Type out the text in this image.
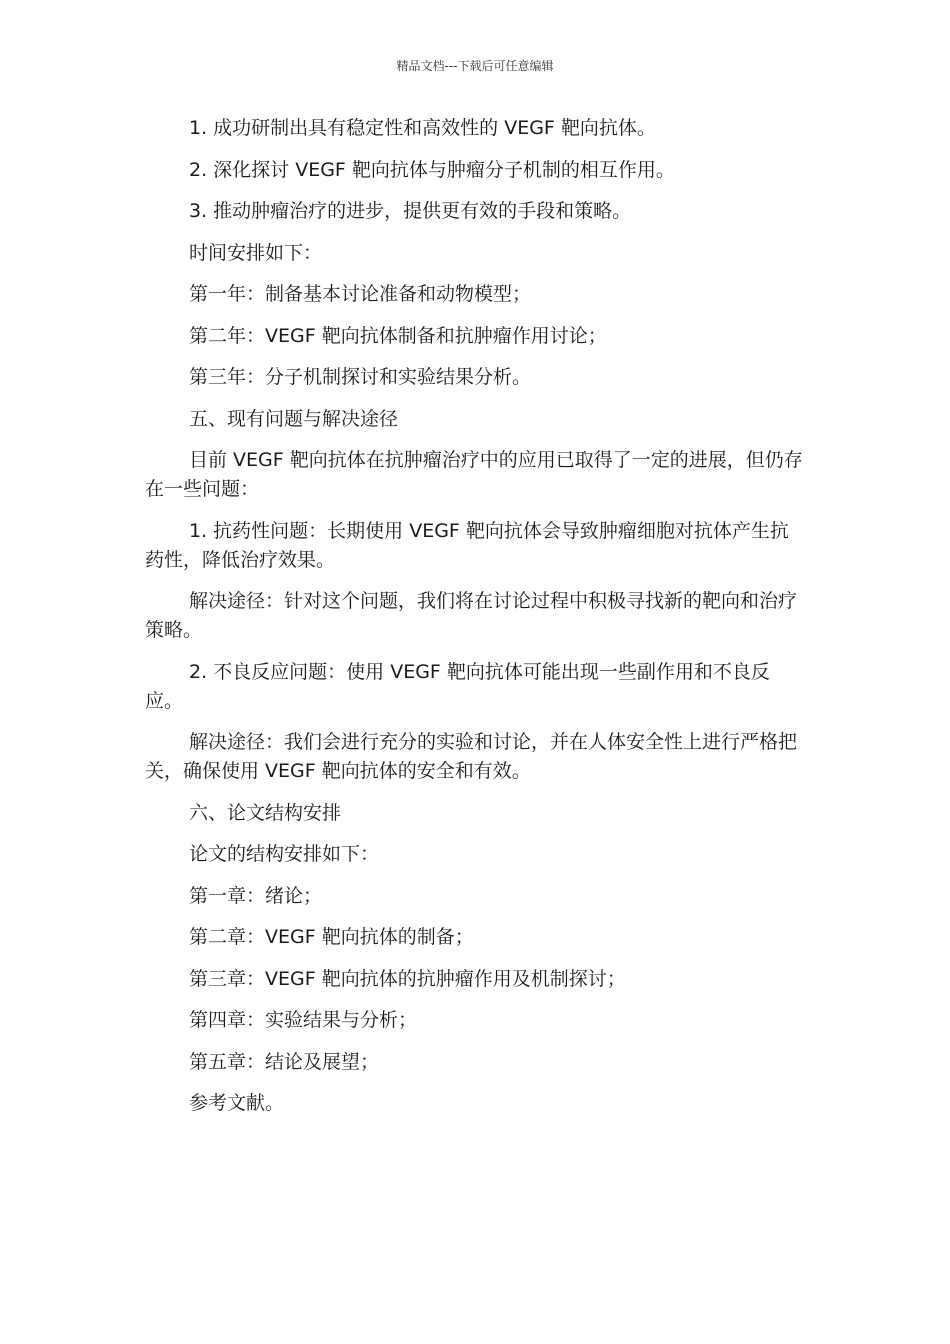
精品文档---下载后可任意编辑

1. 成功研制出具有稳定性和高效性的 VEGF 靶向抗体。

2. 深化探讨 VEGF 靶向抗体与肿瘤分子机制的相互作用。

3. 推动肿瘤治疗的进步，提供更有效的手段和策略。

时间安排如下：

第一年：制备基本讨论准备和动物模型；

第二年：VEGF 靶向抗体制备和抗肿瘤作用讨论；

第三年：分子机制探讨和实验结果分析。

五、现有问题与解决途径

目前 VEGF 靶向抗体在抗肿瘤治疗中的应用已取得了一定的进展，但仍存在一些问题：

1. 抗药性问题：长期使用 VEGF 靶向抗体会导致肿瘤细胞对抗体产生抗药性，降低治疗效果。

解决途径：针对这个问题，我们将在讨论过程中积极寻找新的靶向和治疗策略。

2. 不良反应问题：使用 VEGF 靶向抗体可能出现一些副作用和不良反应。

解决途径：我们会进行充分的实验和讨论，并在人体安全性上进行严格把关，确保使用 VEGF 靶向抗体的安全和有效。

六、论文结构安排

论文的结构安排如下：

第一章：绪论；

第二章：VEGF 靶向抗体的制备；

第三章：VEGF 靶向抗体的抗肿瘤作用及机制探讨；

第四章：实验结果与分析；

第五章：结论及展望；

参考文献。
